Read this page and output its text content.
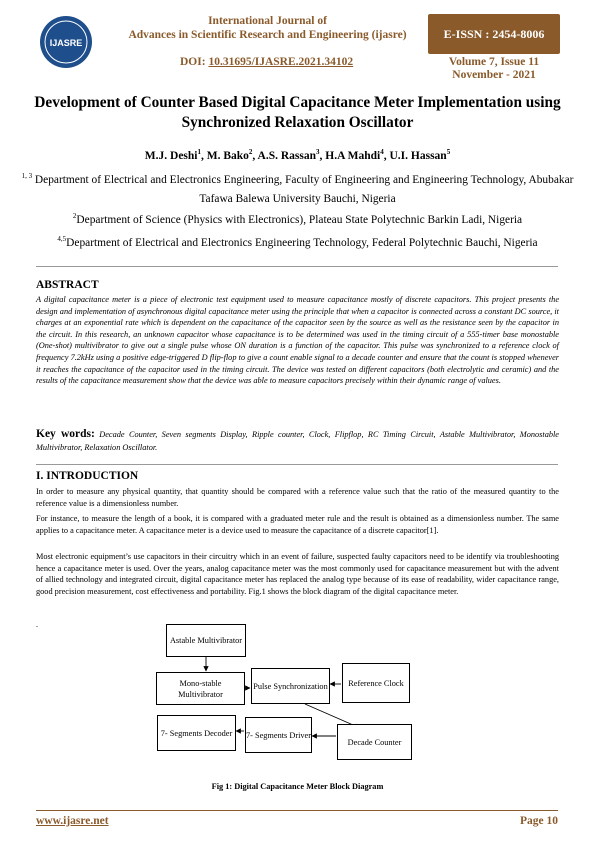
IJASRE
International Journal of
Advances in Scientific Research and Engineering (ijasre)	E-ISSN : 2454-8006
DOI: 10.31695/IJASRE.2021.34102	Volume 7, Issue 11
November - 2021
Development of Counter Based Digital Capacitance Meter Implementation using Synchronized Relaxation Oscillator
M.J. Deshi$^1$, M. Bako$^2$, A.S. Rassan$^3$, H.A Mahdi$^4$, U.I. Hassan$^5$
$^{1, 3}$ Department of Electrical and Electronics Engineering, Faculty of Engineering and Engineering Technology, Abubakar Tafawa Balewa University Bauchi, Nigeria
$^2$Department of Science (Physics with Electronics), Plateau State Polytechnic Barkin Ladi, Nigeria
$^{4,5}$Department of Electrical and Electronics Engineering Technology, Federal Polytechnic Bauchi, Nigeria
ABSTRACT
A digital capacitance meter is a piece of electronic test equipment used to measure capacitance mostly of discrete capacitors. This project presents the design and implementation of asynchronous digital capacitance meter using the principle that when a capacitor is connected across a constant DC source, it charges at an exponential rate which is dependent on the capacitance of the capacitor seen by the source as well as the resistance seen by the capacitor in the circuit. In this research, an unknown capacitor whose capacitance is to be determined was used in the timing circuit of a 555-timer base monostable (One-shot) multivibrator to give out a single pulse whose ON duration is a function of the capacitor. This pulse was synchronized to a reference clock of frequency 7.2kHz using a positive edge-triggered D flip-flop to give a count enable signal to a decade counter and ensure that the count is stopped whenever it reaches the capacitance of the capacitor used in the timing circuit. The device was tested on different capacitors (both electrolytic and ceramic) and the results of the capacitance measurement show that the device was able to measure capacitors precisely within their dynamic range of values.
Key words: Decade Counter, Seven segments Display, Ripple counter, Clock, Flipflop, RC Timing Circuit, Astable Multivibrator, Monostable Multivibrator, Relaxation Oscillator.
I. INTRODUCTION
In order to measure any physical quantity, that quantity should be compared with a reference value such that the ratio of the measured quantity to the reference value is a dimensionless number.
For instance, to measure the length of a book, it is compared with a graduated meter rule and the result is obtained as a dimensionless number. The same applies to a capacitance meter. A capacitance meter is a device used to measure the capacitance of a discrete capacitor[1].
Most electronic equipment’s use capacitors in their circuitry which in an event of failure, suspected faulty capacitors need to be identify via troubleshooting hence a capacitance meter is used. Over the years, analog capacitance meter was the most commonly used for capacitance measurement but with the advent of allied technology and integrated circuit, digital capacitance meter has replaced the analog type because of its ease of readability, wider capacitance range, good precision measurement, cost effectiveness and portability. Fig.1 shows the block diagram of the digital capacitance meter.
.
Astable Multivibrator
Mono-stable Multivibrator
Pulse Synchronization Reference Clock
7- Segments Decoder 7- Segments Driver
Decade Counter
Fig 1: Digital Capacitance Meter Block Diagram
www.ijasre.net	Page 10
